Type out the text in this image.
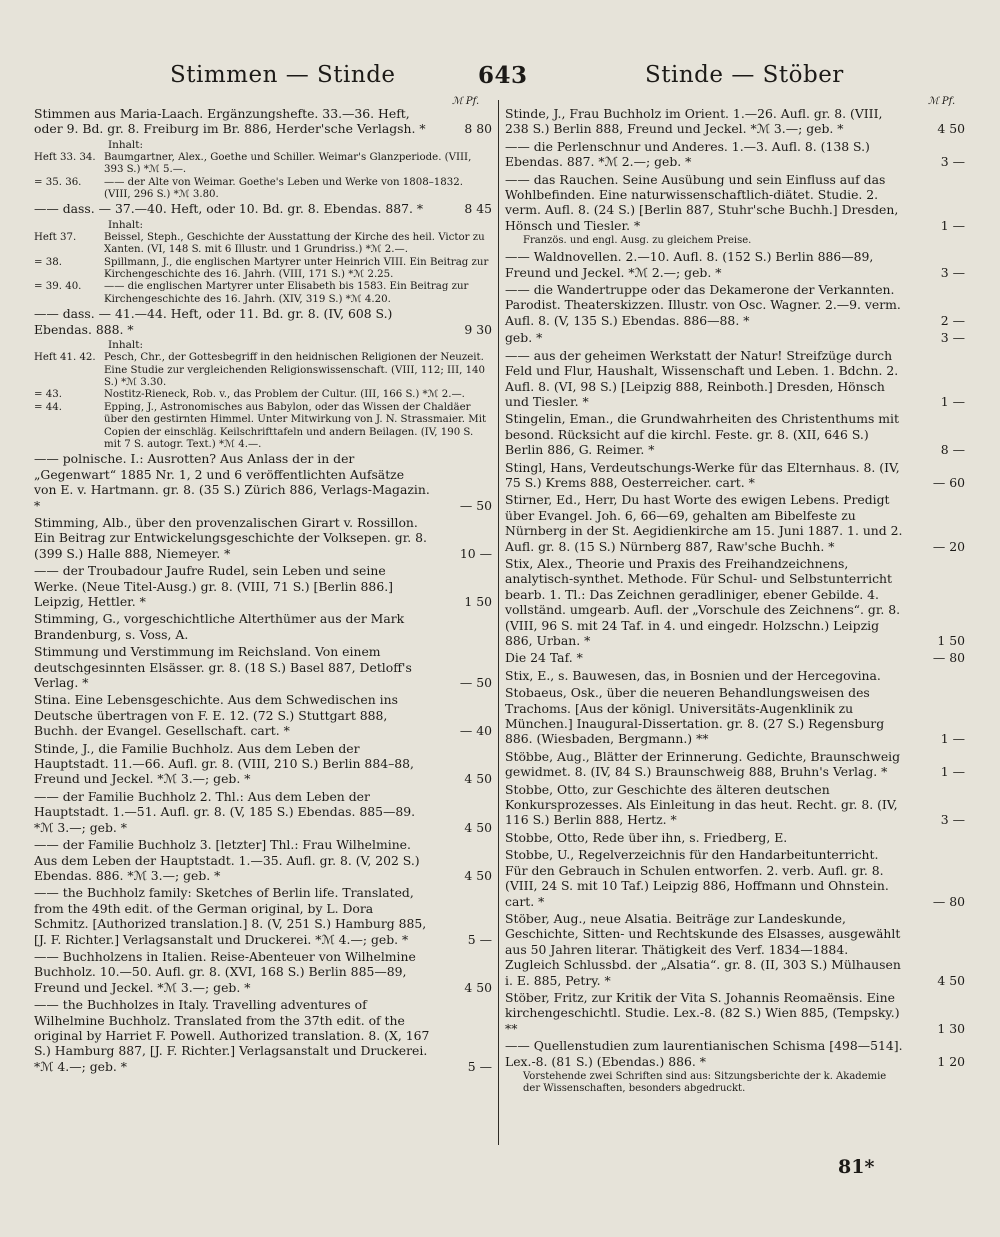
Stimmen — Stinde	643	Stinde — Stöber
ℳ Pf.	ℳ Pf.
Stimmen aus Maria-Laach. Ergänzungshefte. 33.—36. Heft, oder 9. Bd. gr. 8. Freiburg im Br. 886, Herder'sche Verlagsh. *	8 80

Inhalt:

Heft 33. 34. Baumgartner, Alex., Goethe und Schiller. Weimar's Glanzperiode. (VIII, 393 S.) *ℳ 5.—.
= 35. 36.	—— der Alte von Weimar. Goethe's Leben und Werke von 1808–1832. (VIII, 296 S.) *ℳ 3.80.
—— dass. — 37.—40. Heft, oder 10. Bd. gr. 8. Ebendas. 887. *	8 45

Inhalt:

Heft 37.	Beissel, Steph., Geschichte der Ausstattung der Kirche des heil. Victor zu Xanten. (VI, 148 S. mit 6 Illustr. und 1 Grundriss.) *ℳ 2.—.
= 38.	Spillmann, J., die englischen Martyrer unter Heinrich VIII. Ein Beitrag zur Kirchengeschichte des 16. Jahrh. (VIII, 171 S.) *ℳ 2.25.
= 39. 40.	—— die englischen Martyrer unter Elisabeth bis 1583. Ein Beitrag zur Kirchengeschichte des 16. Jahrh. (XIV, 319 S.) *ℳ 4.20.
—— dass. — 41.—44. Heft, oder 11. Bd. gr. 8. (IV, 608 S.) Ebendas. 888. *	9 30

Inhalt:

Heft 41. 42. Pesch, Chr., der Gottesbegriff in den heidnischen Religionen der Neuzeit. Eine Studie zur vergleichenden Religionswissenschaft. (VIII, 112; III, 140 S.) *ℳ 3.30.
= 43.	Nostitz-Rieneck, Rob. v., das Problem der Cultur. (III, 166 S.) *ℳ 2.—.
= 44.	Epping, J., Astronomisches aus Babylon, oder das Wissen der Chaldäer über den gestirnten Himmel. Unter Mitwirkung von J. N. Strassmaier. Mit Copien der einschläg. Keilschrifttafeln und andern Beilagen. (IV, 190 S. mit 7 S. autogr. Text.) *ℳ 4.—.
—— polnische. I.: Ausrotten? Aus Anlass der in der „Gegenwart“ 1885 Nr. 1, 2 und 6 veröffentlichten Aufsätze von E. v. Hartmann. gr. 8. (35 S.) Zürich 886, Verlags-Magazin. *	— 50
Stimming, Alb., über den provenzalischen Girart v. Rossillon. Ein Beitrag zur Entwickelungsgeschichte der Volksepen. gr. 8. (399 S.) Halle 888, Niemeyer. *	10 —
—— der Troubadour Jaufre Rudel, sein Leben und seine Werke. (Neue Titel-Ausg.) gr. 8. (VIII, 71 S.) [Berlin 886.] Leipzig, Hettler. *	1 50
Stimming, G., vorgeschichtliche Alterthümer aus der Mark Brandenburg, s. Voss, A.
Stimmung und Verstimmung im Reichsland. Von einem deutschgesinnten Elsässer. gr. 8. (18 S.) Basel 887, Detloff's Verlag. *	— 50
Stina. Eine Lebensgeschichte. Aus dem Schwedischen ins Deutsche übertragen von F. E. 12. (72 S.) Stuttgart 888, Buchh. der Evangel. Gesellschaft. cart. *	— 40
Stinde, J., die Familie Buchholz. Aus dem Leben der Hauptstadt. 11.—66. Aufl. gr. 8. (VIII, 210 S.) Berlin 884–88, Freund und Jeckel. *ℳ 3.—; geb. *	4 50
—— der Familie Buchholz 2. Thl.: Aus dem Leben der Hauptstadt. 1.—51. Aufl. gr. 8. (V, 185 S.) Ebendas. 885—89. *ℳ 3.—; geb. *	4 50
—— der Familie Buchholz 3. [letzter] Thl.: Frau Wilhelmine. Aus dem Leben der Hauptstadt. 1.—35. Aufl. gr. 8. (V, 202 S.) Ebendas. 886. *ℳ 3.—; geb. *	4 50
—— the Buchholz family: Sketches of Berlin life. Translated, from the 49th edit. of the German original, by L. Dora Schmitz. [Authorized translation.] 8. (V, 251 S.) Hamburg 885, [J. F. Richter.] Verlagsanstalt und Druckerei. *ℳ 4.—; geb. *	5 —
—— Buchholzens in Italien. Reise-Abenteuer von Wilhelmine Buchholz. 10.—50. Aufl. gr. 8. (XVI, 168 S.) Berlin 885—89, Freund und Jeckel. *ℳ 3.—; geb. *	4 50
—— the Buchholzes in Italy. Travelling adventures of Wilhelmine Buchholz. Translated from the 37th edit. of the original by Harriet F. Powell. Authorized translation. 8. (X, 167 S.) Hamburg 887, [J. F. Richter.] Verlagsanstalt und Druckerei. *ℳ 4.—; geb. *	5 —
Stinde, J., Frau Buchholz im Orient. 1.—26. Aufl. gr. 8. (VIII, 238 S.) Berlin 888, Freund und Jeckel. *ℳ 3.—; geb. *	4 50
—— die Perlenschnur und Anderes. 1.—3. Aufl. 8. (138 S.) Ebendas. 887. *ℳ 2.—; geb. *	3 —
—— das Rauchen. Seine Ausübung und sein Einfluss auf das Wohlbefinden. Eine naturwissenschaftlich-diätet. Studie. 2. verm. Aufl. 8. (24 S.) [Berlin 887, Stuhr'sche Buchh.] Dresden, Hönsch und Tiesler. *	1 —
Französ. und engl. Ausg. zu gleichem Preise.
—— Waldnovellen. 2.—10. Aufl. 8. (152 S.) Berlin 886—89, Freund und Jeckel. *ℳ 2.—; geb. *	3 —
—— die Wandertruppe oder das Dekamerone der Verkannten. Parodist. Theaterskizzen. Illustr. von Osc. Wagner. 2.—9. verm. Aufl. 8. (V, 135 S.) Ebendas. 886—88. *	2 —
geb. *	3 —
—— aus der geheimen Werkstatt der Natur! Streifzüge durch Feld und Flur, Haushalt, Wissenschaft und Leben. 1. Bdchn. 2. Aufl. 8. (VI, 98 S.) [Leipzig 888, Reinboth.] Dresden, Hönsch und Tiesler. *	1 —
Stingelin, Eman., die Grundwahrheiten des Christenthums mit besond. Rücksicht auf die kirchl. Feste. gr. 8. (XII, 646 S.) Berlin 886, G. Reimer. *	8 —
Stingl, Hans, Verdeutschungs-Werke für das Elternhaus. 8. (IV, 75 S.) Krems 888, Oesterreicher. cart. *	— 60
Stirner, Ed., Herr, Du hast Worte des ewigen Lebens. Predigt über Evangel. Joh. 6, 66—69, gehalten am Bibelfeste zu Nürnberg in der St. Aegidienkirche am 15. Juni 1887. 1. und 2. Aufl. gr. 8. (15 S.) Nürnberg 887, Raw'sche Buchh. *	— 20
Stix, Alex., Theorie und Praxis des Freihandzeichnens, analytisch-synthet. Methode. Für Schul- und Selbstunterricht bearb. 1. Tl.: Das Zeichnen geradliniger, ebener Gebilde. 4. vollständ. umgearb. Aufl. der „Vorschule des Zeichnens“. gr. 8. (VIII, 96 S. mit 24 Taf. in 4. und eingedr. Holzschn.) Leipzig 886, Urban. *	1 50
Die 24 Taf. *	— 80
Stix, E., s. Bauwesen, das, in Bosnien und der Hercegovina.
Stobaeus, Osk., über die neueren Behandlungsweisen des Trachoms. [Aus der königl. Universitäts-Augenklinik zu München.] Inaugural-Dissertation. gr. 8. (27 S.) Regensburg 886. (Wiesbaden, Bergmann.) **	1 —
Stöbbe, Aug., Blätter der Erinnerung. Gedichte, Braunschweig gewidmet. 8. (IV, 84 S.) Braunschweig 888, Bruhn's Verlag. *	1 —
Stobbe, Otto, zur Geschichte des älteren deutschen Konkursprozesses. Als Einleitung in das heut. Recht. gr. 8. (IV, 116 S.) Berlin 888, Hertz. *	3 —
Stobbe, Otto, Rede über ihn, s. Friedberg, E.
Stobbe, U., Regelverzeichnis für den Handarbeitunterricht. Für den Gebrauch in Schulen entworfen. 2. verb. Aufl. gr. 8. (VIII, 24 S. mit 10 Taf.) Leipzig 886, Hoffmann und Ohnstein. cart. *	— 80
Stöber, Aug., neue Alsatia. Beiträge zur Landeskunde, Geschichte, Sitten- und Rechtskunde des Elsasses, ausgewählt aus 50 Jahren literar. Thätigkeit des Verf. 1834—1884. Zugleich Schlussbd. der „Alsatia“. gr. 8. (II, 303 S.) Mülhausen i. E. 885, Petry. *	4 50
Stöber, Fritz, zur Kritik der Vita S. Johannis Reomaënsis. Eine kirchengeschichtl. Studie. Lex.-8. (82 S.) Wien 885, (Tempsky.) **	1 30
—— Quellenstudien zum laurentianischen Schisma [498—514]. Lex.-8. (81 S.) (Ebendas.) 886. *	1 20
Vorstehende zwei Schriften sind aus: Sitzungsberichte der k. Akademie der Wissenschaften, besonders abgedruckt.
81*
